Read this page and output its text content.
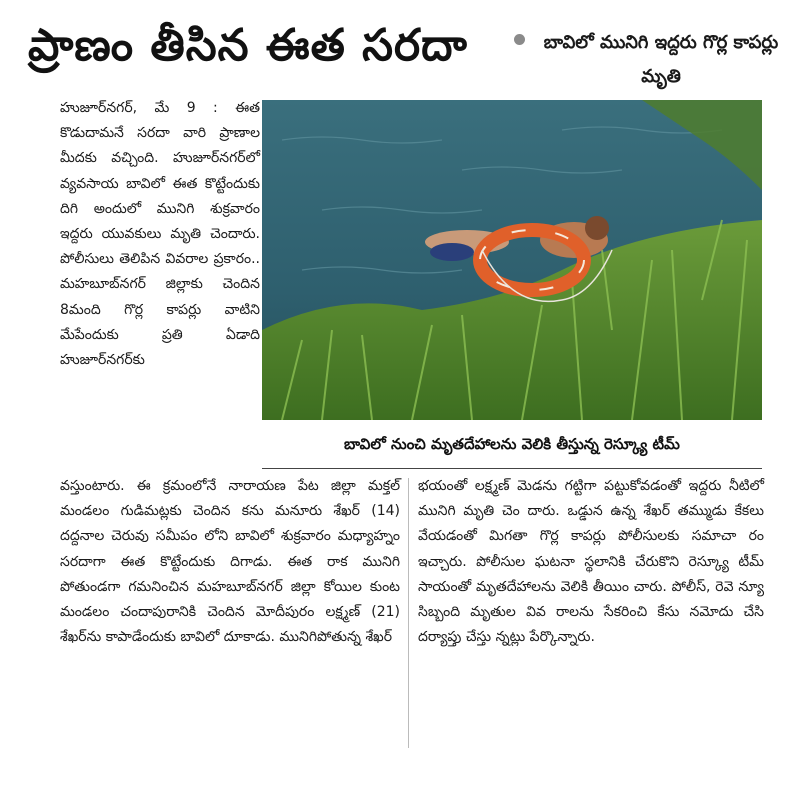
ప్రాణం తీసిన ఈత సరదా	బావిలో మునిగి ఇద్దరు గొర్ల కాపర్లు మృతి

హుజూర్‌నగర్, మే 9 : ఈత కొడుదామనే సరదా వారి ప్రాణాల మీదకు వచ్చింది. హుజూర్‌నగర్‌లో వ్యవసాయ బావిలో ఈత కొట్టేందుకు దిగి అందులో మునిగి శుక్రవారం ఇద్దరు యువకులు మృతి చెందారు. పోలీసులు తెలిపిన వివరాల ప్రకారం.. మహబూబ్‌నగర్ జిల్లాకు చెందిన 8మంది గొర్ల కాపర్లు వాటిని మేపేందుకు ప్రతి ఏడాది హుజూర్‌నగర్‌కు

బావిలో నుంచి మృతదేహాలను వెలికి తీస్తున్న రెస్క్యూ టీమ్

వస్తుంటారు. ఈ క్రమంలోనే నారాయణ పేట జిల్లా మక్తల్ మండలం గుడిమట్లకు చెందిన కను మనూరు శేఖర్ (14) దద్దనాల చెరువు సమీపం లోని బావిలో శుక్రవారం మధ్యాహ్నం సరదాగా ఈత కొట్టేందుకు దిగాడు. ఈత రాక మునిగి పోతుండగా గమనించిన మహబూబ్‌నగర్ జిల్లా కోయిల కుంట మండలం చందాపురానికి చెందిన మోదీపురం లక్ష్మణ్ (21) శేఖర్‌ను కాపాడేందుకు బావిలో దూకాడు. మునిగిపోతున్న శేఖర్

భయంతో లక్ష్మణ్ మెడను గట్టిగా పట్టుకోవడంతో ఇద్దరు నీటిలో మునిగి మృతి చెం దారు. ఒడ్డున ఉన్న శేఖర్ తమ్ముడు కేకలు వేయడంతో మిగతా గొర్ల కాపర్లు పోలీసులకు సమాచా రం ఇచ్చారు. పోలీసుల ఘటనా స్థలానికి చేరుకొని రెస్క్యూ టీమ్ సాయంతో మృతదేహాలను వెలికి తీయిం చారు. పోలీస్, రెవె న్యూ సిబ్బంది మృతుల వివ రాలను సేకరించి కేసు నమోదు చేసి దర్యాప్తు చేస్తు న్నట్లు పేర్కొన్నారు.
